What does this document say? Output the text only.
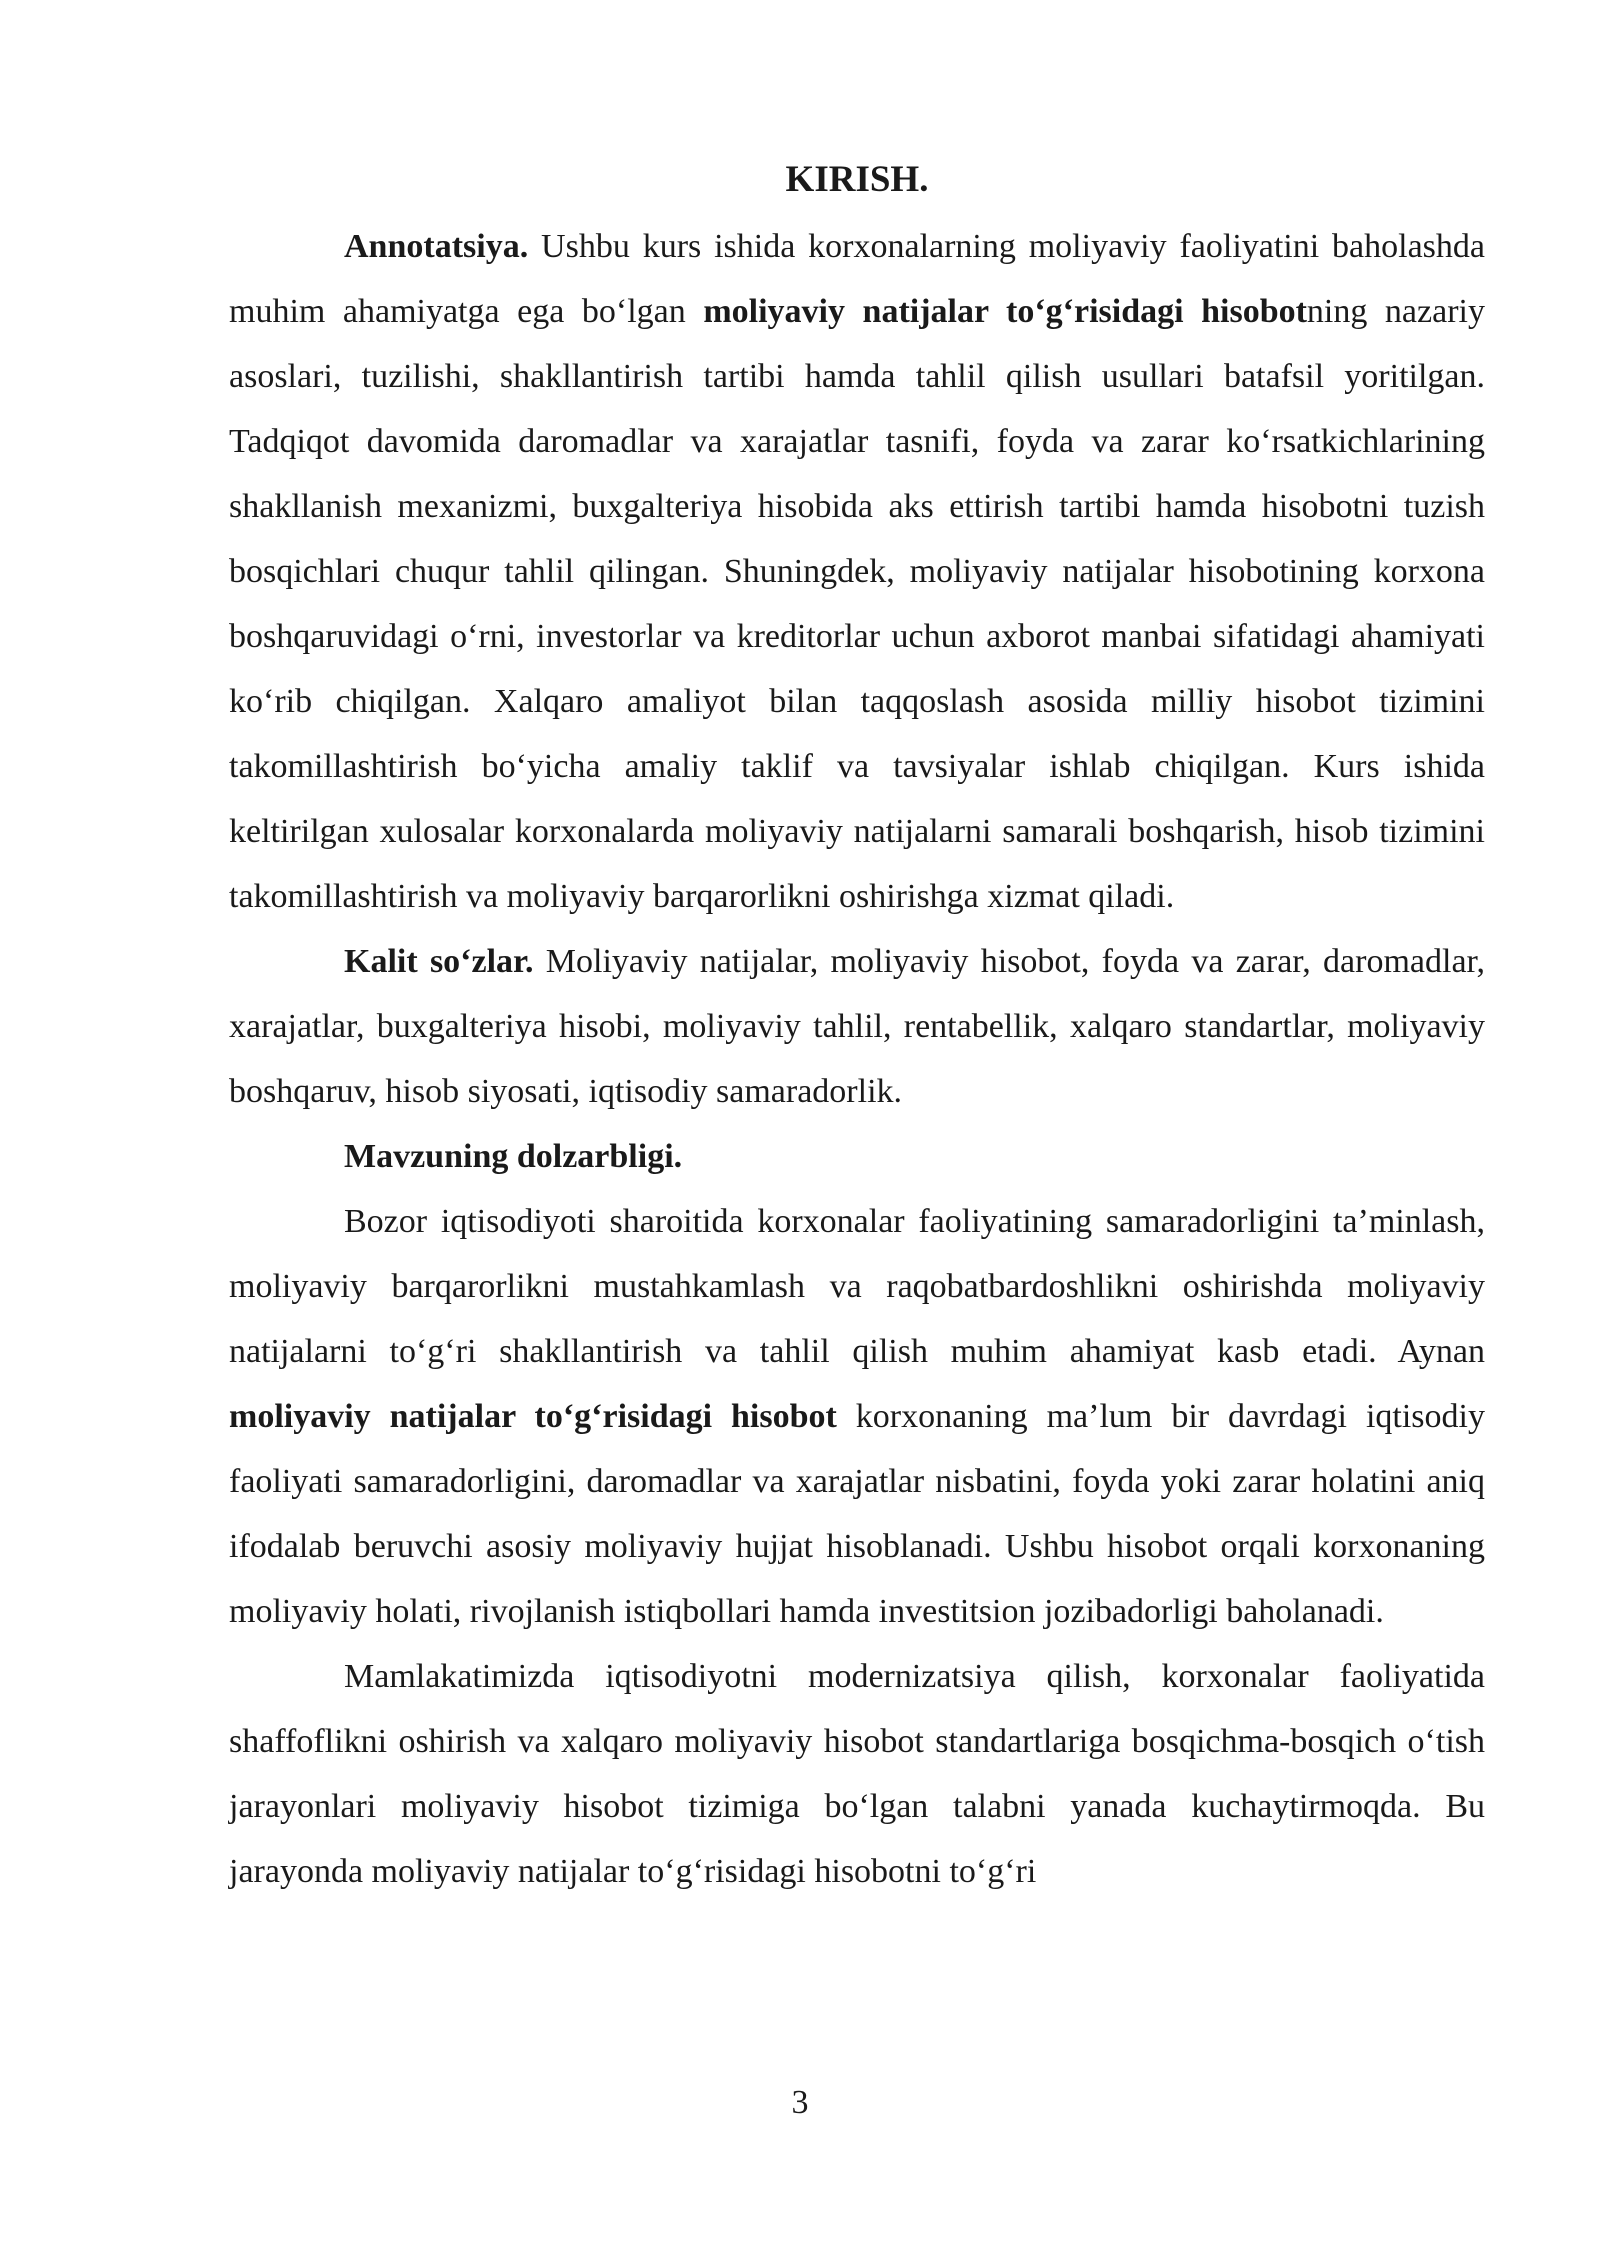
KIRISH.

Annotatsiya. Ushbu kurs ishida korxonalarning moliyaviy faoliyatini baholashda muhim ahamiyatga ega bo‘lgan moliyaviy natijalar to‘g‘risidagi hisobotning nazariy asoslari, tuzilishi, shakllantirish tartibi hamda tahlil qilish usullari batafsil yoritilgan. Tadqiqot davomida daromadlar va xarajatlar tasnifi, foyda va zarar ko‘rsatkichlarining shakllanish mexanizmi, buxgalteriya hisobida aks ettirish tartibi hamda hisobotni tuzish bosqichlari chuqur tahlil qilingan. Shuningdek, moliyaviy natijalar hisobotining korxona boshqaruvidagi o‘rni, investorlar va kreditorlar uchun axborot manbai sifatidagi ahamiyati ko‘rib chiqilgan. Xalqaro amaliyot bilan taqqoslash asosida milliy hisobot tizimini takomillashtirish bo‘yicha amaliy taklif va tavsiyalar ishlab chiqilgan. Kurs ishida keltirilgan xulosalar korxonalarda moliyaviy natijalarni samarali boshqarish, hisob tizimini takomillashtirish va moliyaviy barqarorlikni oshirishga xizmat qiladi.

Kalit so‘zlar. Moliyaviy natijalar, moliyaviy hisobot, foyda va zarar, daromadlar, xarajatlar, buxgalteriya hisobi, moliyaviy tahlil, rentabellik, xalqaro standartlar, moliyaviy boshqaruv, hisob siyosati, iqtisodiy samaradorlik.

Mavzuning dolzarbligi.

Bozor iqtisodiyoti sharoitida korxonalar faoliyatining samaradorligini ta’minlash, moliyaviy barqarorlikni mustahkamlash va raqobatbardoshlikni oshirishda moliyaviy natijalarni to‘g‘ri shakllantirish va tahlil qilish muhim ahamiyat kasb etadi. Aynan moliyaviy natijalar to‘g‘risidagi hisobot korxonaning ma’lum bir davrdagi iqtisodiy faoliyati samaradorligini, daromadlar va xarajatlar nisbatini, foyda yoki zarar holatini aniq ifodalab beruvchi asosiy moliyaviy hujjat hisoblanadi. Ushbu hisobot orqali korxonaning moliyaviy holati, rivojlanish istiqbollari hamda investitsion jozibadorligi baholanadi.

Mamlakatimizda iqtisodiyotni modernizatsiya qilish, korxonalar faoliyatida shaffoflikni oshirish va xalqaro moliyaviy hisobot standartlariga bosqichma-bosqich o‘tish jarayonlari moliyaviy hisobot tizimiga bo‘lgan talabni yanada kuchaytirmoqda. Bu jarayonda moliyaviy natijalar to‘g‘risidagi hisobotni to‘g‘ri

3
